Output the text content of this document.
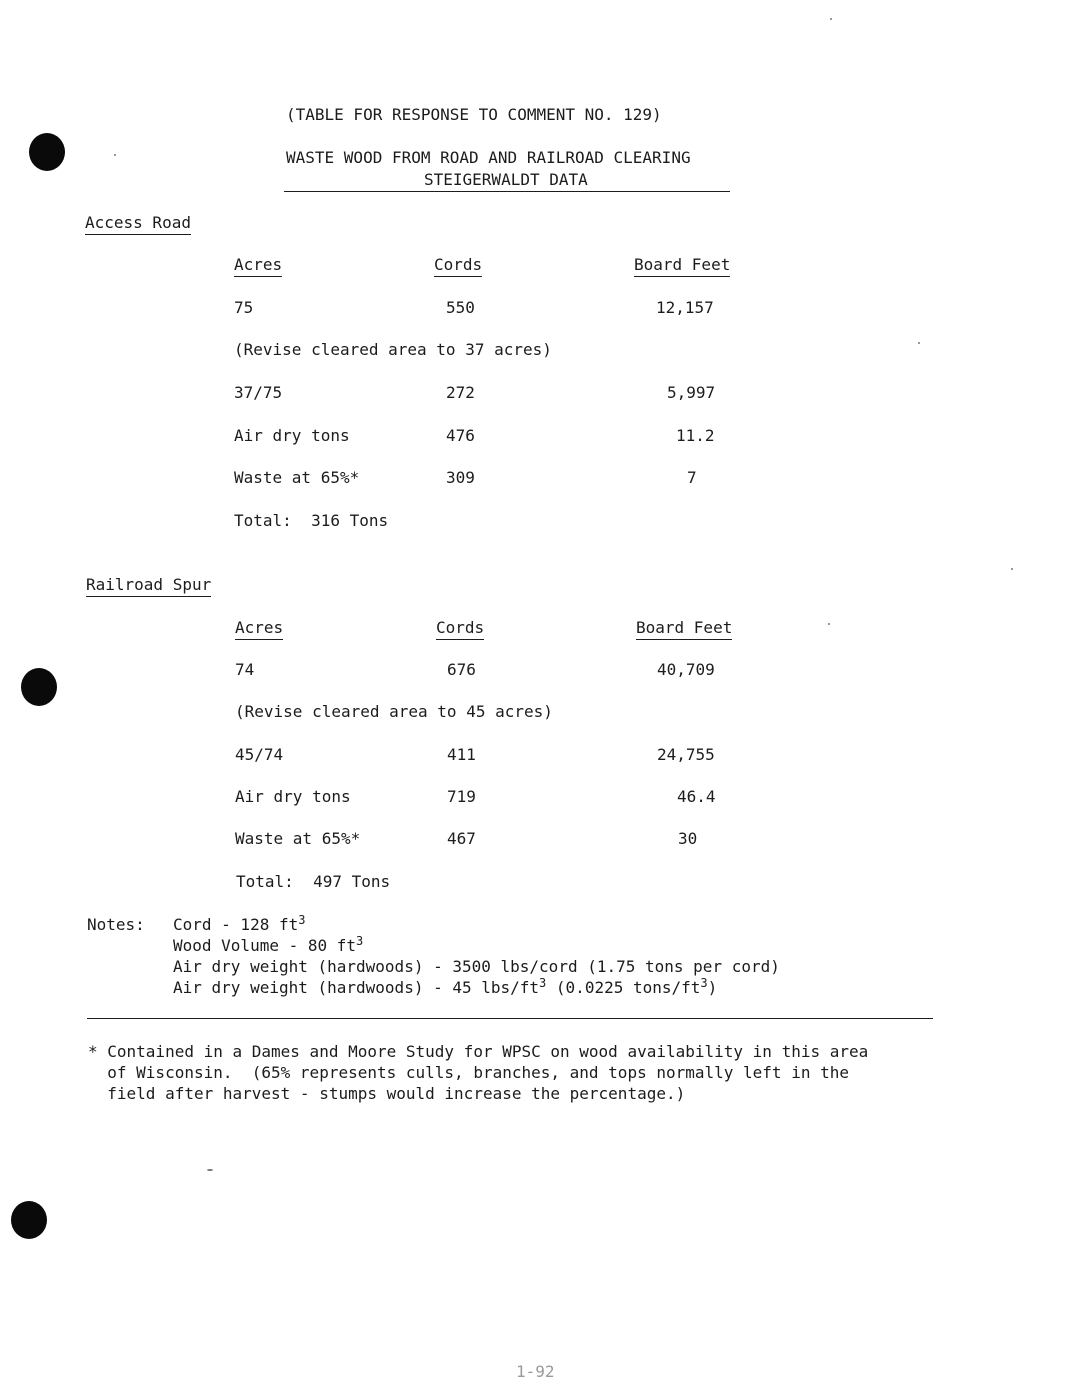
(TABLE FOR RESPONSE TO COMMENT NO. 129)
WASTE WOOD FROM ROAD AND RAILROAD CLEARING
STEIGERWALDT DATA
Access Road
Acres	Cords	Board Feet
75	550	12,157
(Revise cleared area to 37 acres)
37/75	272	5,997
Air dry tons	476	11.2
Waste at 65%*	309	7
Total:  316 Tons
Railroad Spur
Acres	Cords	Board Feet
74	676	40,709
(Revise cleared area to 45 acres)
45/74	411	24,755
Air dry tons	719	46.4
Waste at 65%*	467	30
Total:  497 Tons
Notes: Cord - 128 $ft^3$
Wood Volume - 80 $ft^3$
Air dry weight (hardwoods) - 3500 lbs/cord (1.75 tons per cord)
Air dry weight (hardwoods) - 45 lbs/$ft^3$ (0.0225 tons/$ft^3$)
* Contained in a Dames and Moore Study for WPSC on wood availability in this area
of Wisconsin.  (65% represents culls, branches, and tops normally left in the
field after harvest - stumps would increase the percentage.)
1-92
